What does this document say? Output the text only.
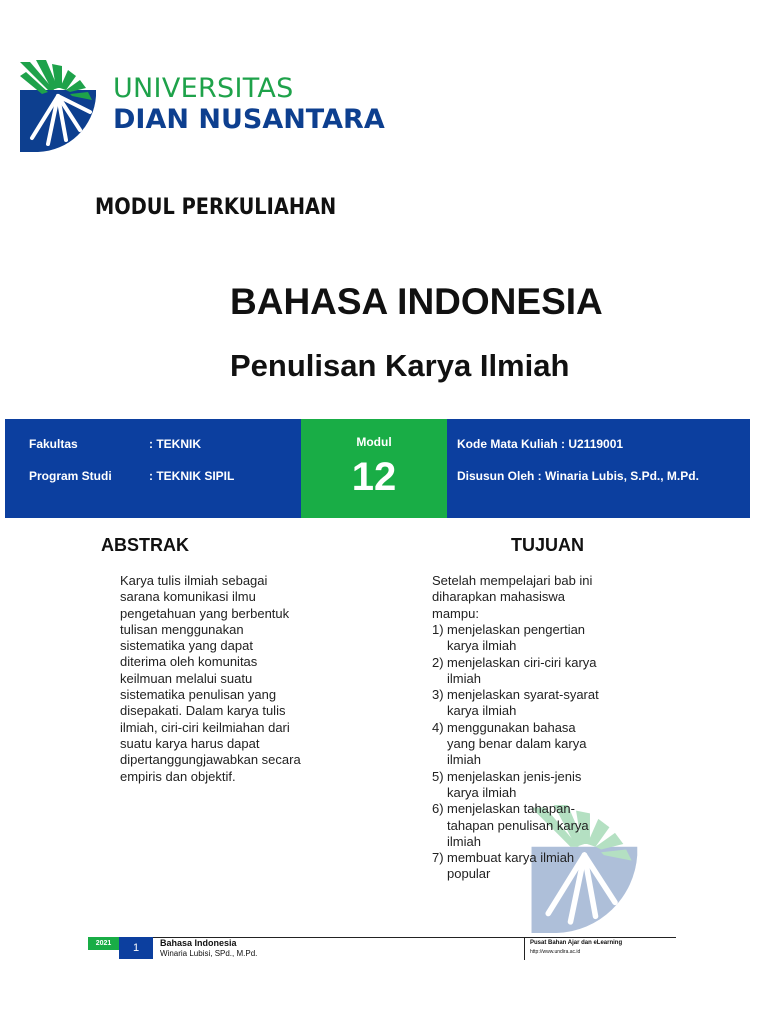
UNIVERSITAS
DIAN NUSANTARA
MODUL PERKULIAHAN
BAHASA INDONESIA
Penulisan Karya Ilmiah
Fakultas	: TEKNIK
Program Studi	: TEKNIK SIPIL
Modul
12
Kode Mata Kuliah : U2119001
Disusun Oleh : Winaria Lubis, S.Pd., M.Pd.
ABSTRAK
Karya tulis ilmiah sebagai
sarana komunikasi ilmu
pengetahuan yang berbentuk
tulisan menggunakan
sistematika yang dapat
diterima oleh komunitas
keilmuan melalui suatu
sistematika penulisan yang
disepakati. Dalam karya tulis
ilmiah, ciri-ciri keilmiahan dari
suatu karya harus dapat
dipertanggungjawabkan secara
empiris dan objektif.
TUJUAN
Setelah mempelajari bab ini
diharapkan mahasiswa
mampu:
1) menjelaskan pengertian
karya ilmiah
2) menjelaskan ciri-ciri karya
ilmiah
3) menjelaskan syarat-syarat
karya ilmiah
4) menggunakan bahasa
yang benar dalam karya
ilmiah
5) menjelaskan jenis-jenis
karya ilmiah
6) menjelaskan tahapan-
tahapan penulisan karya
ilmiah
7) membuat karya ilmiah
popular
2021	1	Bahasa Indonesia
Winaria Lubisi, SPd., M.Pd.
Pusat Bahan Ajar dan eLearning
http://www.undira.ac.id
